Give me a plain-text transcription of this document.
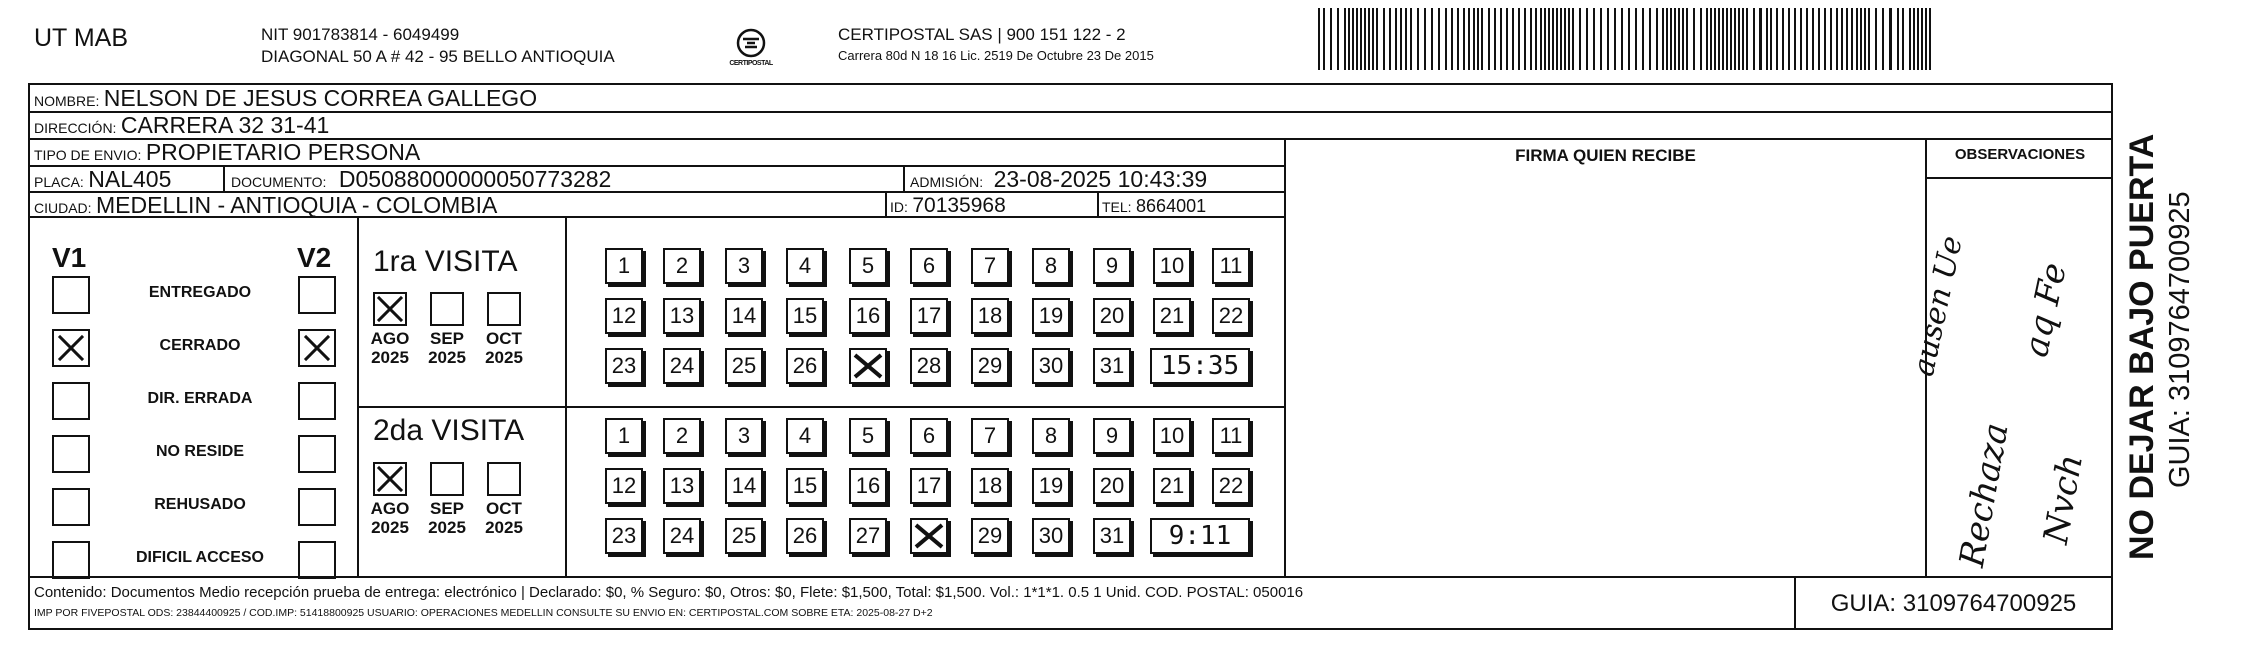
UT MAB	NIT 901783814 - 6049499
DIAGONAL 50 A # 42 - 95 BELLO ANTIOQUIA	CERTIPOSTAL
CERTIPOSTAL SAS | 900 151 122 - 2
Carrera 80d N 18 16 Lic. 2519 De Octubre 23 De 2015
NOMBRE: NELSON DE JESUS CORREA GALLEGO
DIRECCIÓN: CARRERA 32 31-41
TIPO DE ENVIO: PROPIETARIO PERSONA
PLACA: NAL405	DOCUMENTO: D05088000000050773282	ADMISIÓN: 23-08-2025 10:43:39
CIUDAD: MEDELLIN - ANTIOQUIA - COLOMBIA	ID: 70135968	TEL: 8664001
FIRMA QUIEN RECIBE	OBSERVACIONES
V1	V2
ENTREGADO
CERRADO
DIR. ERRADA
NO RESIDE
REHUSADO
DIFICIL ACCESO
1ra VISITA
2da VISITA
AGO
2025
SEP
2025
OCT
2025
1	2	3	4	5	6	7	8	9	10	11
12	13	14	15	16	17	18	19	20	21	22
23	24	25	26	28	29	30	31	15:35
AGO
2025
SEP
2025
OCT
2025
1	2	3	4	5	6	7	8	9	10	11
12	13	14	15	16	17	18	19	20	21	22
23	24	25	26	27	29	30	31	9:11
ausen Ue
Rechaza
aq Fe
Nvch
Contenido: Documentos Medio recepción prueba de entrega: electrónico | Declarado: $0, % Seguro: $0, Otros: $0, Flete: $1,500, Total: $1,500. Vol.: 1*1*1. 0.5 1 Unid. COD. POSTAL: 050016
IMP POR FIVEPOSTAL ODS: 23844400925 / COD.IMP: 51418800925 USUARIO: OPERACIONES MEDELLIN CONSULTE SU ENVIO EN: CERTIPOSTAL.COM SOBRE ETA: 2025-08-27 D+2	GUIA: 3109764700925
NO DEJAR BAJO PUERTA GUIA: 3109764700925
